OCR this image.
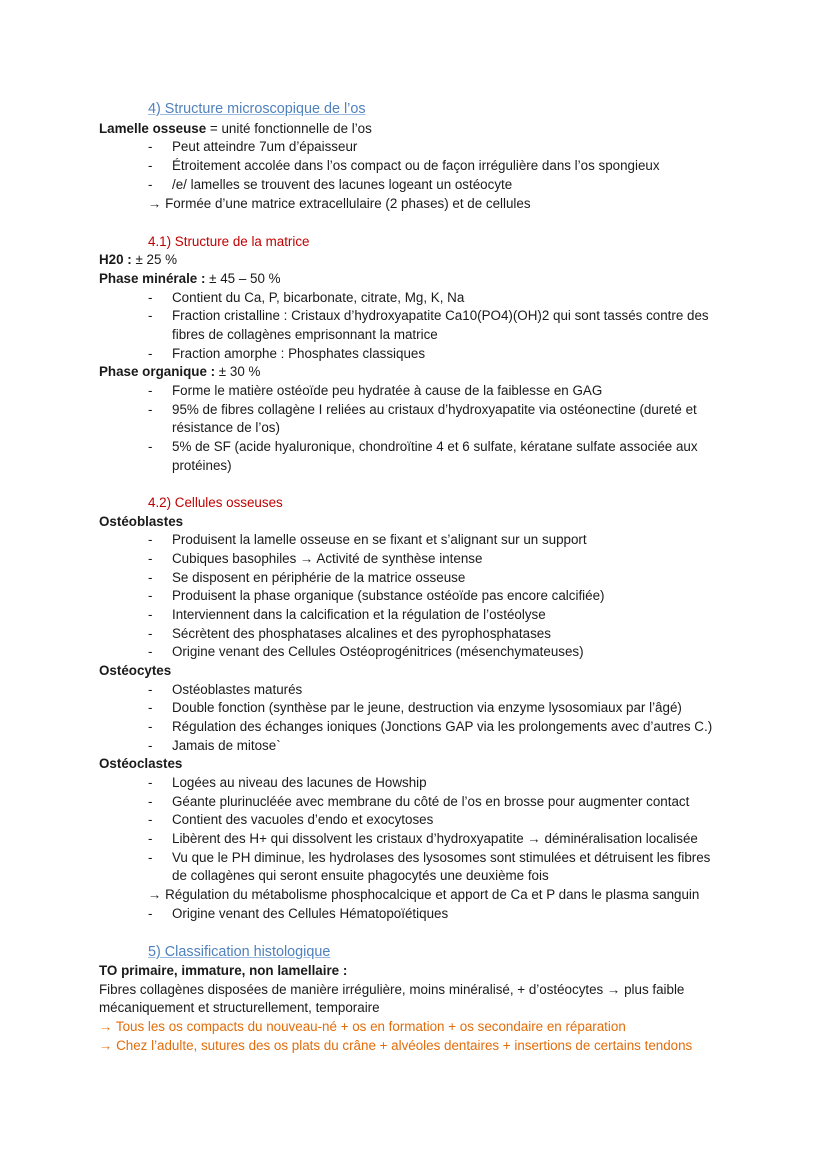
4) Structure microscopique de l’os
Lamelle osseuse = unité fonctionnelle de l’os
- Peut atteindre 7um d’épaisseur
- Étroitement accolée dans l’os compact ou de façon irrégulière dans l’os spongieux
- /e/ lamelles se trouvent des lacunes logeant un ostéocyte
→ Formée d’une matrice extracellulaire (2 phases) et de cellules
4.1) Structure de la matrice
H20 : ± 25 %
Phase minérale : ± 45 – 50 %
- Contient du Ca, P, bicarbonate, citrate, Mg, K, Na
- Fraction cristalline : Cristaux d’hydroxyapatite Ca10(PO4)(OH)2 qui sont tassés contre des
fibres de collagènes emprisonnant la matrice
- Fraction amorphe : Phosphates classiques
Phase organique : ± 30 %
- Forme le matière ostéoïde peu hydratée à cause de la faiblesse en GAG
- 95% de fibres collagène I reliées au cristaux d’hydroxyapatite via ostéonectine (dureté et
résistance de l’os)
- 5% de SF (acide hyaluronique, chondroïtine 4 et 6 sulfate, kératane sulfate associée aux
protéines)
4.2) Cellules osseuses
Ostéoblastes
- Produisent la lamelle osseuse en se fixant et s’alignant sur un support
- Cubiques basophiles → Activité de synthèse intense
- Se disposent en périphérie de la matrice osseuse
- Produisent la phase organique (substance ostéoïde pas encore calcifiée)
- Interviennent dans la calcification et la régulation de l’ostéolyse
- Sécrètent des phosphatases alcalines et des pyrophosphatases
- Origine venant des Cellules Ostéoprogénitrices (mésenchymateuses)
Ostéocytes
- Ostéoblastes maturés
- Double fonction (synthèse par le jeune, destruction via enzyme lysosomiaux par l’âgé)
- Régulation des échanges ioniques (Jonctions GAP via les prolongements avec d’autres C.)
- Jamais de mitose`
Ostéoclastes
- Logées au niveau des lacunes de Howship
- Géante plurinucléée avec membrane du côté de l’os en brosse pour augmenter contact
- Contient des vacuoles d’endo et exocytoses
- Libèrent des H+ qui dissolvent les cristaux d’hydroxyapatite → déminéralisation localisée
- Vu que le PH diminue, les hydrolases des lysosomes sont stimulées et détruisent les fibres
de collagènes qui seront ensuite phagocytés une deuxième fois
→ Régulation du métabolisme phosphocalcique et apport de Ca et P dans le plasma sanguin
- Origine venant des Cellules Hématopoïétiques
5) Classification histologique
TO primaire, immature, non lamellaire :
Fibres collagènes disposées de manière irrégulière, moins minéralisé, + d’ostéocytes → plus faible
mécaniquement et structurellement, temporaire
→ Tous les os compacts du nouveau-né + os en formation + os secondaire en réparation
→ Chez l’adulte, sutures des os plats du crâne + alvéoles dentaires + insertions de certains tendons
